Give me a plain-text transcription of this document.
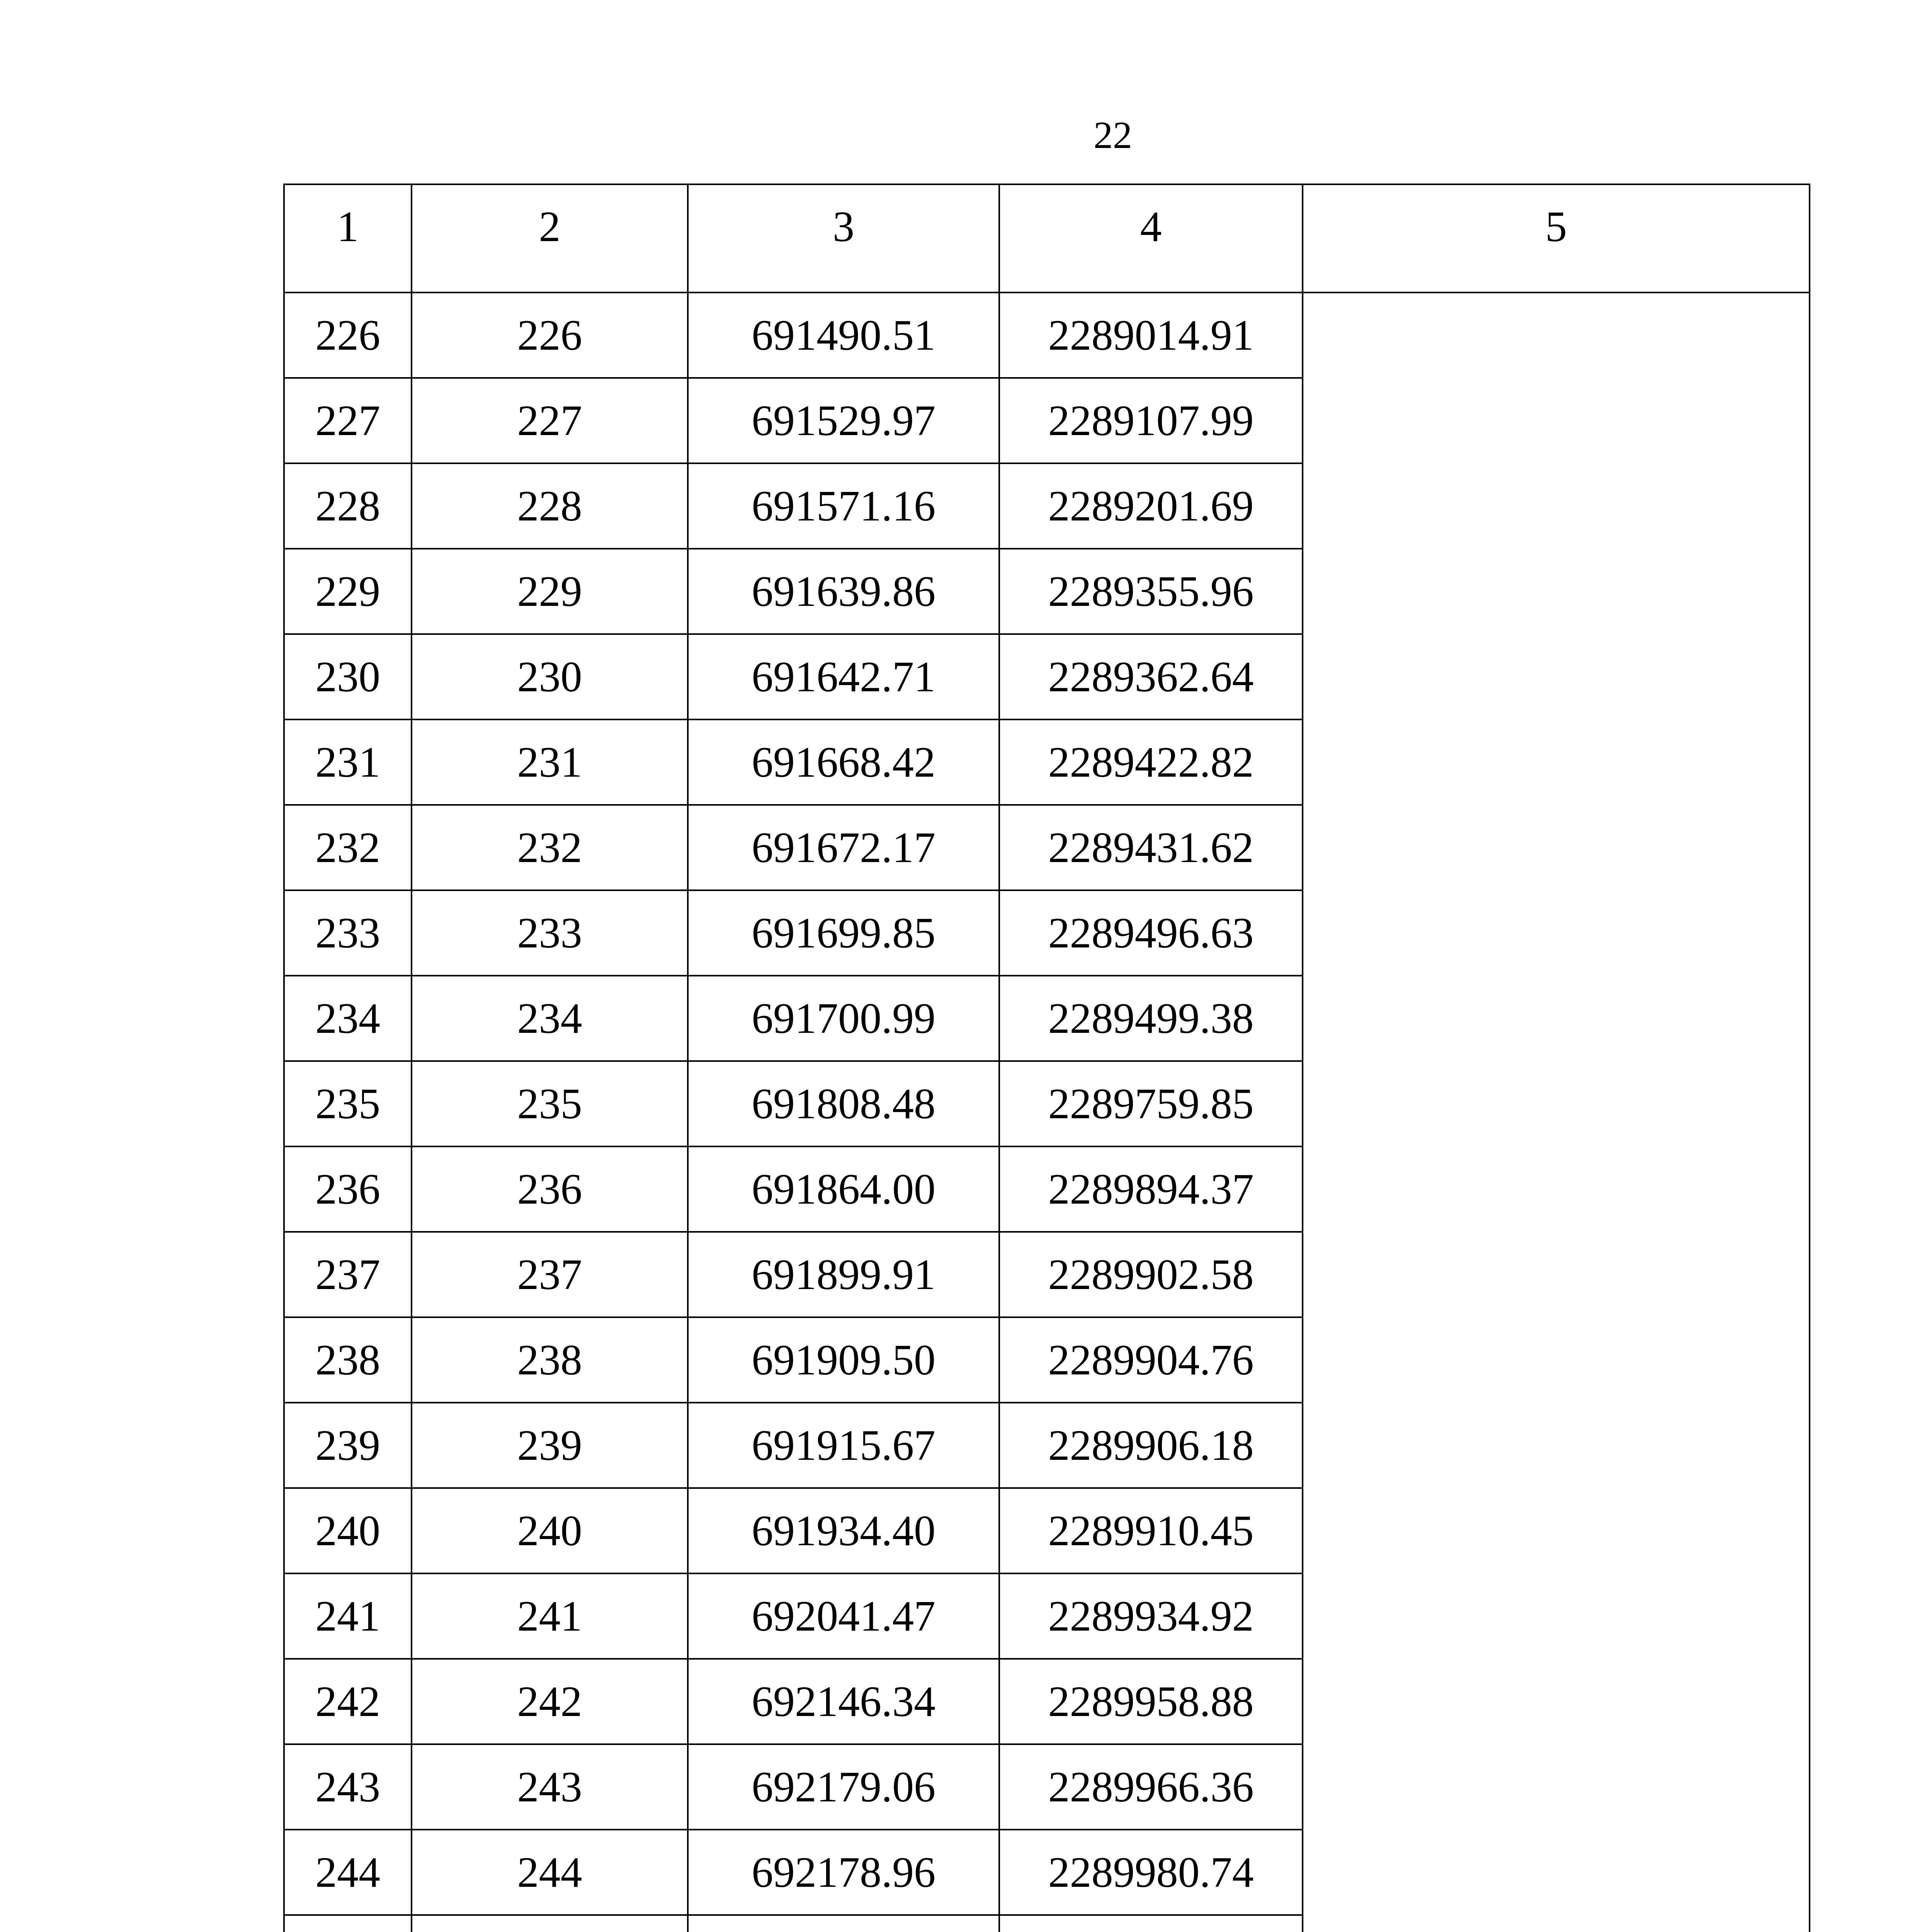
22
1	2	3	4	5
226	226	691490.51	2289014.91	
227	227	691529.97	2289107.99	
228	228	691571.16	2289201.69	
229	229	691639.86	2289355.96	
230	230	691642.71	2289362.64	
231	231	691668.42	2289422.82	
232	232	691672.17	2289431.62	
233	233	691699.85	2289496.63	
234	234	691700.99	2289499.38	
235	235	691808.48	2289759.85	
236	236	691864.00	2289894.37	
237	237	691899.91	2289902.58	
238	238	691909.50	2289904.76	
239	239	691915.67	2289906.18	
240	240	691934.40	2289910.45	
241	241	692041.47	2289934.92	
242	242	692146.34	2289958.88	
243	243	692179.06	2289966.36	
244	244	692178.96	2289980.74	
